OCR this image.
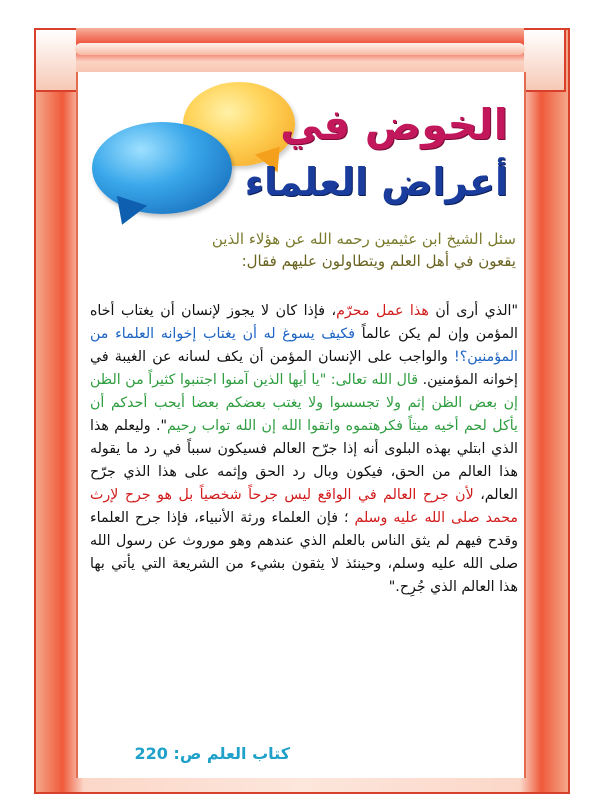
الخوض في
أعراض العلماء
سئل الشيخ ابن عثيمين رحمه الله عن هؤلاء الذين
يقعون في أهل العلم ويتطاولون عليهم فقال:
"الذي أرى أن هذا عمل محرّم، فإذا كان لا يجوز لإنسان أن يغتاب أخاه المؤمن وإن لم يكن عالماً فكيف يسوغ له أن يغتاب إخوانه العلماء من المؤمنين؟! والواجب على الإنسان المؤمن أن يكف لسانه عن الغيبة في إخوانه المؤمنين. قال الله تعالى: "يا أيها الذين آمنوا اجتنبوا كثيراً من الظن إن بعض الظن إثم ولا تجسسوا ولا يغتب بعضكم بعضا أيحب أحدكم أن يأكل لحم أخيه ميتاً فكرهتموه واتقوا الله إن الله تواب رحيم". وليعلم هذا الذي ابتلي بهذه البلوى أنه إذا جرّح العالم فسيكون سبباً في رد ما يقوله هذا العالم من الحق، فيكون وبال رد الحق وإثمه على هذا الذي جرّح العالم، لأن جرح العالم في الواقع ليس جرحاً شخصياً بل هو جرح لإرث محمد صلى الله عليه وسلم ؛ فإن العلماء ورثة الأنبياء، فإذا جرح العلماء وقدح فيهم لم يثق الناس بالعلم الذي عندهم وهو موروث عن رسول الله صلى الله عليه وسلم، وحينئذ لا يثقون بشيء من الشريعة التي يأتي بها هذا العالم الذي جُرِح."
كتاب العلم ص: 220
